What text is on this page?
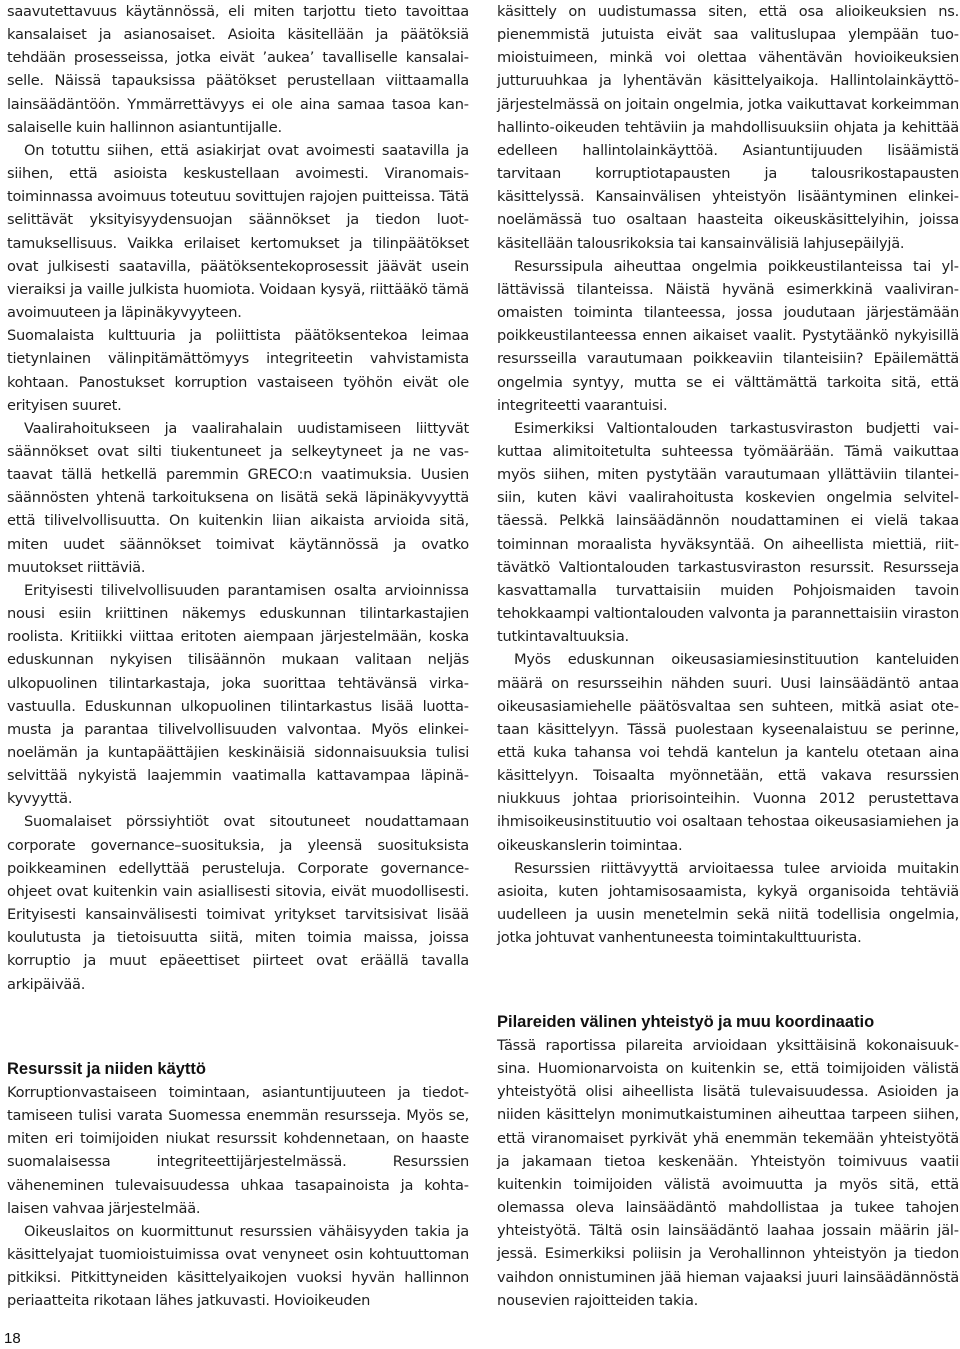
saavutettavuus käytännössä, eli miten tarjottu tieto tavoittaa kansalaiset ja asianosaiset. Asioita käsitellään ja päätöksiä tehdään prosesseissa, jotka eivät ’aukea’ tavalliselle kansalaiselle. Näissä tapauksissa päätökset perustellaan viittaamalla lainsäädäntöön. Ymmärrettävyys ei ole aina samaa tasoa kansalaiselle kuin hallinnon asiantuntijalle.

On totuttu siihen, että asiakirjat ovat avoimesti saatavilla ja siihen, että asioista keskustellaan avoimesti. Viranomaistoiminnassa avoimuus toteutuu sovittujen rajojen puitteissa. Tätä selittävät yksityisyydensuojan säännökset ja tiedon luottamuksellisuus. Vaikka erilaiset kertomukset ja tilinpäätökset ovat julkisesti saatavilla, päätöksentekoprosessit jäävät usein vieraiksi ja vaille julkista huomiota. Voidaan kysyä, riittääkö tämä avoimuuteen ja läpinäkyvyyteen.

Suomalaista kulttuuria ja poliittista päätöksentekoa leimaa tietynlainen välinpitämättömyys integriteetin vahvistamista kohtaan. Panostukset korruption vastaiseen työhön eivät ole erityisen suuret.

Vaalirahoitukseen ja vaalirahalain uudistamiseen liittyvät säännökset ovat silti tiukentuneet ja selkeytyneet ja ne vastaavat tällä hetkellä paremmin GRECO:n vaatimuksia. Uusien säännösten yhtenä tarkoituksena on lisätä sekä läpinäkyvyyttä että tilivelvollisuutta. On kuitenkin liian aikaista arvioida sitä, miten uudet säännökset toimivat käytännössä ja ovatko muutokset riittäviä.

Erityisesti tilivelvollisuuden parantamisen osalta arvioinnissa nousi esiin kriittinen näkemys eduskunnan tilintarkastajien roolista. Kritiikki viittaa eritoten aiempaan järjestelmään, koska eduskunnan nykyisen tilisäännön mukaan valitaan neljäs ulkopuolinen tilintarkastaja, joka suorittaa tehtävänsä virkavastuulla. Eduskunnan ulkopuolinen tilintarkastus lisää luottamusta ja parantaa tilivelvollisuuden valvontaa. Myös elinkeinoelämän ja kuntapäättäjien keskinäisiä sidonnaisuuksia tulisi selvittää nykyistä laajemmin vaatimalla kattavampaa läpinäkyvyyttä.

Suomalaiset pörssiyhtiöt ovat sitoutuneet noudattamaan corporate governance–suosituksia, ja yleensä suosituksista poikkeaminen edellyttää perusteluja. Corporate governance- ohjeet ovat kuitenkin vain asiallisesti sitovia, eivät muodollisesti. Erityisesti kansainvälisesti toimivat yritykset tarvitsisivat lisää koulutusta ja tietoisuutta siitä, miten toimia maissa, joissa korruptio ja muut epäeettiset piirteet ovat eräällä tavalla arkipäivää.

Resurssit ja niiden käyttö

Korruptionvastaiseen toimintaan, asiantuntijuuteen ja tiedottamiseen tulisi varata Suomessa enemmän resursseja. Myös se, miten eri toimijoiden niukat resurssit kohdennetaan, on haaste suomalaisessa integriteettijärjestelmässä. Resurssien väheneminen tulevaisuudessa uhkaa tasapainoista ja kohtalaisen vahvaa järjestelmää.

Oikeuslaitos on kuormittunut resurssien vähäisyyden takia ja käsittelyajat tuomioistuimissa ovat venyneet osin kohtuuttoman pitkiksi. Pitkittyneiden käsittelyaikojen vuoksi hyvän hallinnon periaatteita rikotaan lähes jatkuvasti. Hovioikeuden

käsittely on uudistumassa siten, että osa alioikeuksien ns. pienemmistä jutuista eivät saa valituslupaa ylempään tuomioistuimeen, minkä voi olettaa vähentävän hovioikeuksien jutturuuhkaa ja lyhentävän käsittelyaikoja. Hallintolainkäyttöjärjestelmässä on joitain ongelmia, jotka vaikuttavat korkeimman hallinto-oikeuden tehtäviin ja mahdollisuuksiin ohjata ja kehittää edelleen hallintolainkäyttöä. Asiantuntijuuden lisäämistä tarvitaan korruptiotapausten ja talousrikostapausten käsittelyssä. Kansainvälisen yhteistyön lisääntyminen elinkeinoelämässä tuo osaltaan haasteita oikeuskäsittelyihin, joissa käsitellään talousrikoksia tai kansainvälisiä lahjusepäilyjä.

Resurssipula aiheuttaa ongelmia poikkeustilanteissa tai yllättävissä tilanteissa. Näistä hyvänä esimerkkinä vaaliviranomaisten toiminta tilanteessa, jossa joudutaan järjestämään poikkeustilanteessa ennen aikaiset vaalit. Pystytäänkö nykyisillä resursseilla varautumaan poikkeaviin tilanteisiin? Epäilemättä ongelmia syntyy, mutta se ei välttämättä tarkoita sitä, että integriteetti vaarantuisi.

Esimerkiksi Valtiontalouden tarkastusviraston budjetti vaikuttaa alimitoitetulta suhteessa työmäärään. Tämä vaikuttaa myös siihen, miten pystytään varautumaan yllättäviin tilanteisiin, kuten kävi vaalirahoitusta koskevien ongelmia selviteltäessä. Pelkkä lainsäädännön noudattaminen ei vielä takaa toiminnan moraalista hyväksyntää. On aiheellista miettiä, riittävätkö Valtiontalouden tarkastusviraston resurssit. Resursseja kasvattamalla turvattaisiin muiden Pohjoismaiden tavoin tehokkaampi valtiontalouden valvonta ja parannettaisiin viraston tutkintavaltuuksia.

Myös eduskunnan oikeusasiamiesinstituution kanteluiden määrä on resursseihin nähden suuri. Uusi lainsäädäntö antaa oikeusasiamiehelle päätösvaltaa sen suhteen, mitkä asiat otetaan käsittelyyn. Tässä puolestaan kyseenalaistuu se perinne, että kuka tahansa voi tehdä kantelun ja kantelu otetaan aina käsittelyyn. Toisaalta myönnetään, että vakava resurssien niukkuus johtaa priorisointeihin. Vuonna 2012 perustettava ihmisoikeusinstituutio voi osaltaan tehostaa oikeusasiamiehen ja oikeuskanslerin toimintaa.

Resurssien riittävyyttä arvioitaessa tulee arvioida muitakin asioita, kuten johtamisosaamista, kykyä organisoida tehtäviä uudelleen ja uusin menetelmin sekä niitä todellisia ongelmia, jotka johtuvat vanhentuneesta toimintakulttuurista.

Pilareiden välinen yhteistyö ja muu koordinaatio

Tässä raportissa pilareita arvioidaan yksittäisinä kokonaisuuksina. Huomionarvoista on kuitenkin se, että toimijoiden välistä yhteistyötä olisi aiheellista lisätä tulevaisuudessa. Asioiden ja niiden käsittelyn monimutkaistuminen aiheuttaa tarpeen siihen, että viranomaiset pyrkivät yhä enemmän tekemään yhteistyötä ja jakamaan tietoa keskenään. Yhteistyön toimivuus vaatii kuitenkin toimijoiden välistä avoimuutta ja myös sitä, että olemassa oleva lainsäädäntö mahdollistaa ja tukee tahojen yhteistyötä. Tältä osin lainsäädäntö laahaa jossain määrin jäljessä. Esimerkiksi poliisin ja Verohallinnon yhteistyön ja tiedon vaihdon onnistuminen jää hieman vajaaksi juuri lainsäädännöstä nousevien rajoitteiden takia.

18
